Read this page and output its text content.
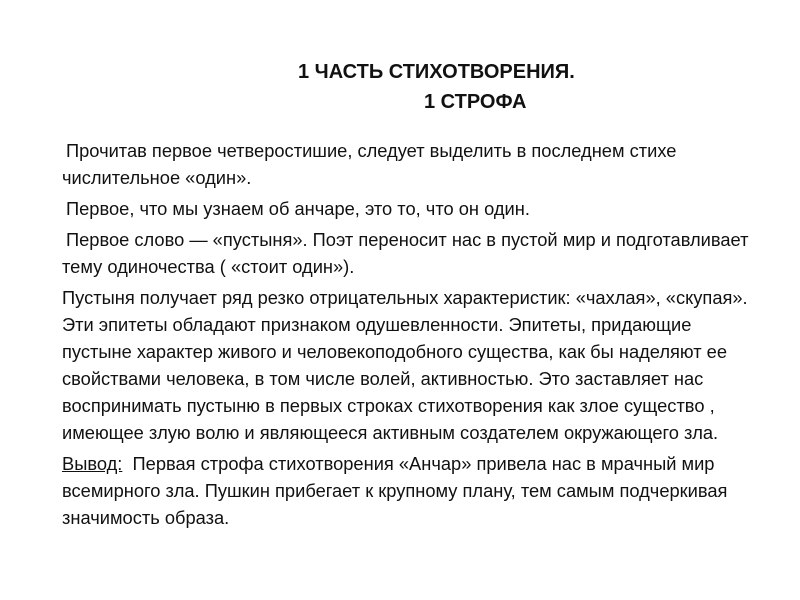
1 ЧАСТЬ СТИХОТВОРЕНИЯ.
1 СТРОФА

Прочитав первое четверостишие, следует выделить в последнем стихе числительное «один».

Первое, что мы узнаем об анчаре, это то, что он один.

Первое слово — «пустыня». Поэт переносит нас в пустой мир и подготавливает тему одиночества ( «стоит один»).

Пустыня получает ряд резко отрицательных характеристик: «чахлая», «скупая». Эти эпитеты обладают признаком одушевленности. Эпитеты, придающие пустыне характер живого и человекоподобного существа, как бы наделяют ее свойствами человека, в том числе волей, активностью. Это заставляет нас воспринимать пустыню в первых строках стихотворения как злое существо , имеющее злую волю и являющееся активным создателем окружающего зла.

Вывод: Первая строфа стихотворения «Анчар» привела нас в мрачный мир всемирного зла. Пушкин прибегает к крупному плану, тем самым подчеркивая значимость образа.
